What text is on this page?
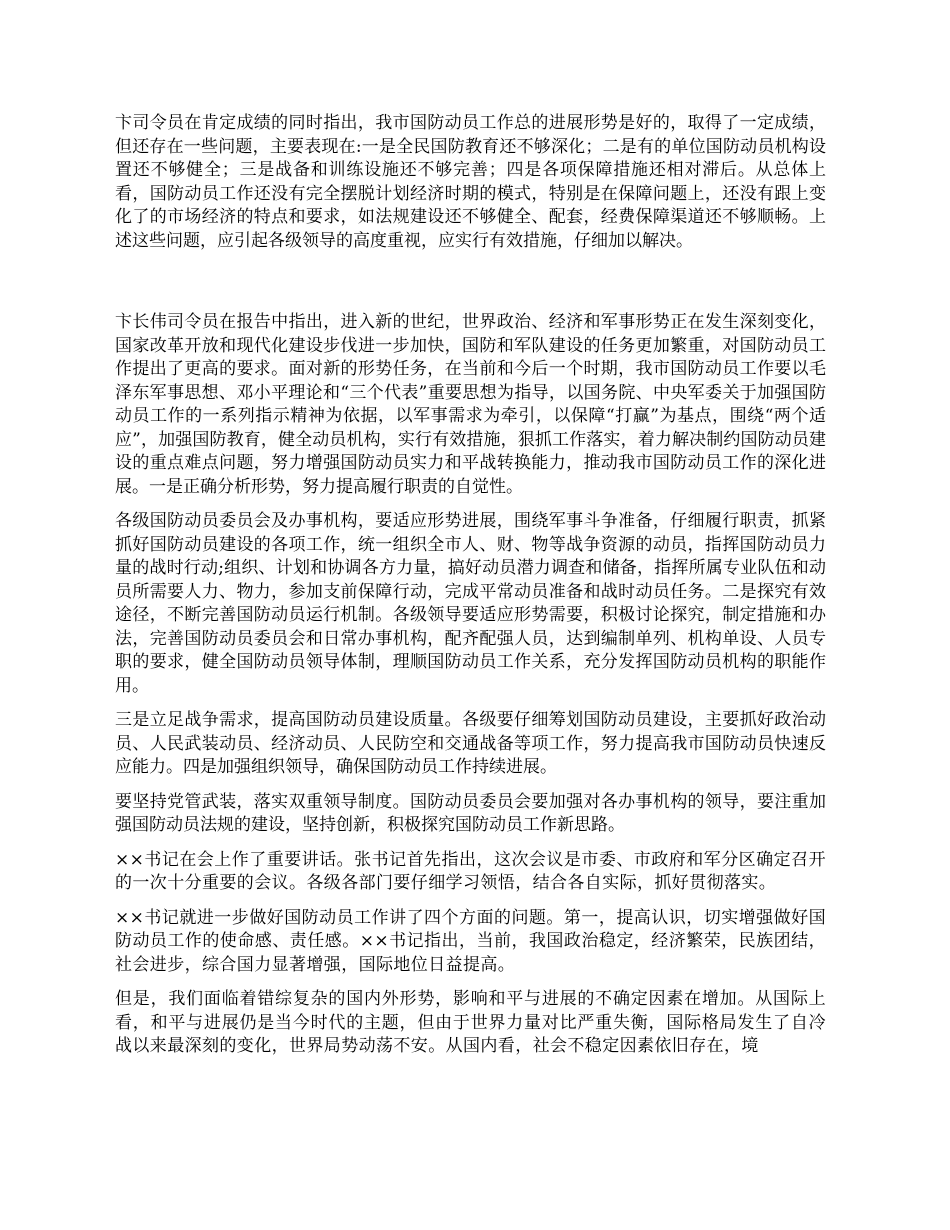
卞司令员在肯定成绩的同时指出，我市国防动员工作总的进展形势是好的，取得了一定成绩，但还存在一些问题，主要表现在:一是全民国防教育还不够深化；二是有的单位国防动员机构设置还不够健全；三是战备和训练设施还不够完善；四是各项保障措施还相对滞后。从总体上看，国防动员工作还没有完全摆脱计划经济时期的模式，特别是在保障问题上，还没有跟上变化了的市场经济的特点和要求，如法规建设还不够健全、配套，经费保障渠道还不够顺畅。上述这些问题，应引起各级领导的高度重视，应实行有效措施，仔细加以解决。

卞长伟司令员在报告中指出，进入新的世纪，世界政治、经济和军事形势正在发生深刻变化，国家改革开放和现代化建设步伐进一步加快，国防和军队建设的任务更加繁重，对国防动员工作提出了更高的要求。面对新的形势任务，在当前和今后一个时期，我市国防动员工作要以毛泽东军事思想、邓小平理论和“三个代表”重要思想为指导，以国务院、中央军委关于加强国防动员工作的一系列指示精神为依据，以军事需求为牵引，以保障“打赢”为基点，围绕“两个适应”，加强国防教育，健全动员机构，实行有效措施，狠抓工作落实，着力解决制约国防动员建设的重点难点问题，努力增强国防动员实力和平战转换能力，推动我市国防动员工作的深化进展。一是正确分析形势，努力提高履行职责的自觉性。

各级国防动员委员会及办事机构，要适应形势进展，围绕军事斗争准备，仔细履行职责，抓紧抓好国防动员建设的各项工作，统一组织全市人、财、物等战争资源的动员，指挥国防动员力量的战时行动;组织、计划和协调各方力量，搞好动员潜力调查和储备，指挥所属专业队伍和动员所需要人力、物力，参加支前保障行动，完成平常动员准备和战时动员任务。二是探究有效途径，不断完善国防动员运行机制。各级领导要适应形势需要，积极讨论探究，制定措施和办法，完善国防动员委员会和日常办事机构，配齐配强人员，达到编制单列、机构单设、人员专职的要求，健全国防动员领导体制，理顺国防动员工作关系，充分发挥国防动员机构的职能作用。

三是立足战争需求，提高国防动员建设质量。各级要仔细筹划国防动员建设，主要抓好政治动员、人民武装动员、经济动员、人民防空和交通战备等项工作，努力提高我市国防动员快速反应能力。四是加强组织领导，确保国防动员工作持续进展。

要坚持党管武装，落实双重领导制度。国防动员委员会要加强对各办事机构的领导，要注重加强国防动员法规的建设，坚持创新，积极探究国防动员工作新思路。

××书记在会上作了重要讲话。张书记首先指出，这次会议是市委、市政府和军分区确定召开的一次十分重要的会议。各级各部门要仔细学习领悟，结合各自实际，抓好贯彻落实。

××书记就进一步做好国防动员工作讲了四个方面的问题。第一，提高认识，切实增强做好国防动员工作的使命感、责任感。××书记指出，当前，我国政治稳定，经济繁荣，民族团结，社会进步，综合国力显著增强，国际地位日益提高。

但是，我们面临着错综复杂的国内外形势，影响和平与进展的不确定因素在增加。从国际上看，和平与进展仍是当今时代的主题，但由于世界力量对比严重失衡，国际格局发生了自冷战以来最深刻的变化，世界局势动荡不安。从国内看，社会不稳定因素依旧存在，境
